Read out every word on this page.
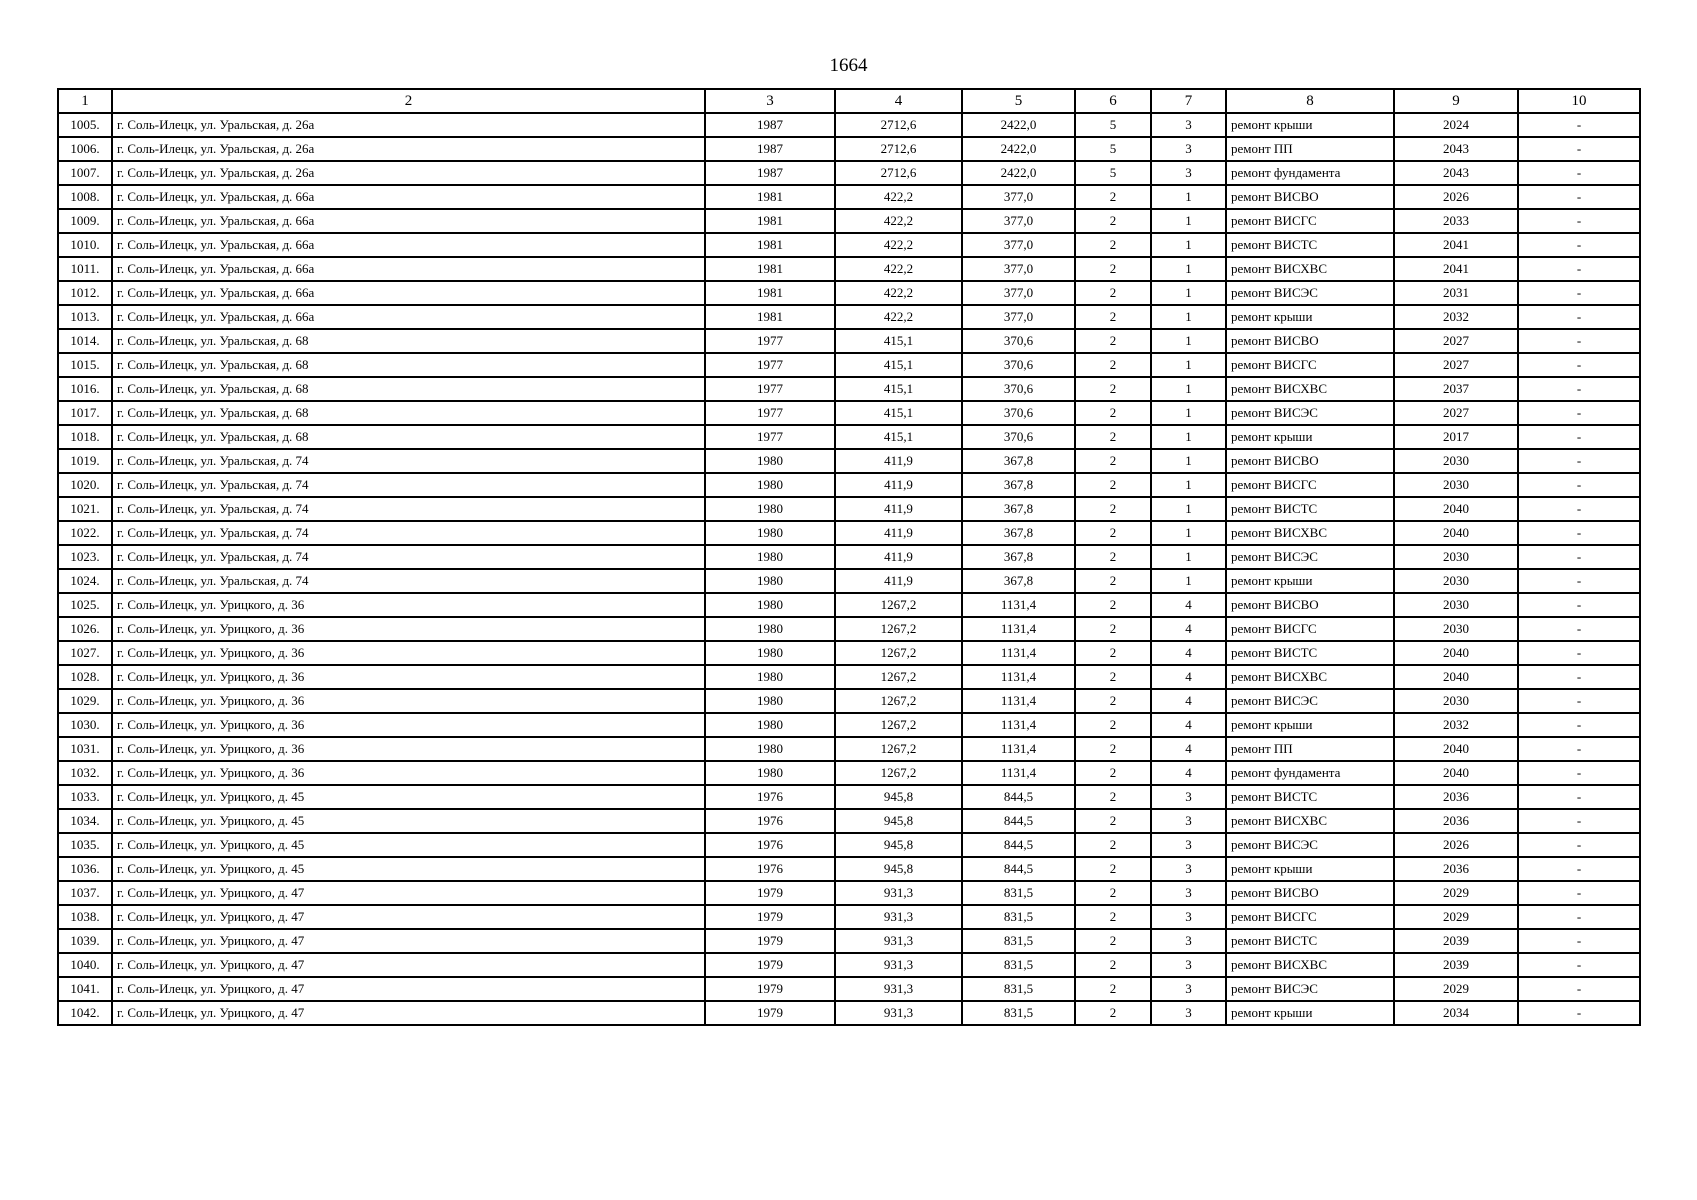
1664
1	2	3	4	5	6	7	8	9	10
1005.	г. Соль-Илецк, ул. Уральская, д. 26а	1987	2712,6	2422,0	5	3	ремонт крыши	2024	-
1006.	г. Соль-Илецк, ул. Уральская, д. 26а	1987	2712,6	2422,0	5	3	ремонт ПП	2043	-
1007.	г. Соль-Илецк, ул. Уральская, д. 26а	1987	2712,6	2422,0	5	3	ремонт фундамента	2043	-
1008.	г. Соль-Илецк, ул. Уральская, д. 66а	1981	422,2	377,0	2	1	ремонт ВИСВО	2026	-
1009.	г. Соль-Илецк, ул. Уральская, д. 66а	1981	422,2	377,0	2	1	ремонт ВИСГС	2033	-
1010.	г. Соль-Илецк, ул. Уральская, д. 66а	1981	422,2	377,0	2	1	ремонт ВИСТС	2041	-
1011.	г. Соль-Илецк, ул. Уральская, д. 66а	1981	422,2	377,0	2	1	ремонт ВИСХВС	2041	-
1012.	г. Соль-Илецк, ул. Уральская, д. 66а	1981	422,2	377,0	2	1	ремонт ВИСЭС	2031	-
1013.	г. Соль-Илецк, ул. Уральская, д. 66а	1981	422,2	377,0	2	1	ремонт крыши	2032	-
1014.	г. Соль-Илецк, ул. Уральская, д. 68	1977	415,1	370,6	2	1	ремонт ВИСВО	2027	-
1015.	г. Соль-Илецк, ул. Уральская, д. 68	1977	415,1	370,6	2	1	ремонт ВИСГС	2027	-
1016.	г. Соль-Илецк, ул. Уральская, д. 68	1977	415,1	370,6	2	1	ремонт ВИСХВС	2037	-
1017.	г. Соль-Илецк, ул. Уральская, д. 68	1977	415,1	370,6	2	1	ремонт ВИСЭС	2027	-
1018.	г. Соль-Илецк, ул. Уральская, д. 68	1977	415,1	370,6	2	1	ремонт крыши	2017	-
1019.	г. Соль-Илецк, ул. Уральская, д. 74	1980	411,9	367,8	2	1	ремонт ВИСВО	2030	-
1020.	г. Соль-Илецк, ул. Уральская, д. 74	1980	411,9	367,8	2	1	ремонт ВИСГС	2030	-
1021.	г. Соль-Илецк, ул. Уральская, д. 74	1980	411,9	367,8	2	1	ремонт ВИСТС	2040	-
1022.	г. Соль-Илецк, ул. Уральская, д. 74	1980	411,9	367,8	2	1	ремонт ВИСХВС	2040	-
1023.	г. Соль-Илецк, ул. Уральская, д. 74	1980	411,9	367,8	2	1	ремонт ВИСЭС	2030	-
1024.	г. Соль-Илецк, ул. Уральская, д. 74	1980	411,9	367,8	2	1	ремонт крыши	2030	-
1025.	г. Соль-Илецк, ул. Урицкого, д. 36	1980	1267,2	1131,4	2	4	ремонт ВИСВО	2030	-
1026.	г. Соль-Илецк, ул. Урицкого, д. 36	1980	1267,2	1131,4	2	4	ремонт ВИСГС	2030	-
1027.	г. Соль-Илецк, ул. Урицкого, д. 36	1980	1267,2	1131,4	2	4	ремонт ВИСТС	2040	-
1028.	г. Соль-Илецк, ул. Урицкого, д. 36	1980	1267,2	1131,4	2	4	ремонт ВИСХВС	2040	-
1029.	г. Соль-Илецк, ул. Урицкого, д. 36	1980	1267,2	1131,4	2	4	ремонт ВИСЭС	2030	-
1030.	г. Соль-Илецк, ул. Урицкого, д. 36	1980	1267,2	1131,4	2	4	ремонт крыши	2032	-
1031.	г. Соль-Илецк, ул. Урицкого, д. 36	1980	1267,2	1131,4	2	4	ремонт ПП	2040	-
1032.	г. Соль-Илецк, ул. Урицкого, д. 36	1980	1267,2	1131,4	2	4	ремонт фундамента	2040	-
1033.	г. Соль-Илецк, ул. Урицкого, д. 45	1976	945,8	844,5	2	3	ремонт ВИСТС	2036	-
1034.	г. Соль-Илецк, ул. Урицкого, д. 45	1976	945,8	844,5	2	3	ремонт ВИСХВС	2036	-
1035.	г. Соль-Илецк, ул. Урицкого, д. 45	1976	945,8	844,5	2	3	ремонт ВИСЭС	2026	-
1036.	г. Соль-Илецк, ул. Урицкого, д. 45	1976	945,8	844,5	2	3	ремонт крыши	2036	-
1037.	г. Соль-Илецк, ул. Урицкого, д. 47	1979	931,3	831,5	2	3	ремонт ВИСВО	2029	-
1038.	г. Соль-Илецк, ул. Урицкого, д. 47	1979	931,3	831,5	2	3	ремонт ВИСГС	2029	-
1039.	г. Соль-Илецк, ул. Урицкого, д. 47	1979	931,3	831,5	2	3	ремонт ВИСТС	2039	-
1040.	г. Соль-Илецк, ул. Урицкого, д. 47	1979	931,3	831,5	2	3	ремонт ВИСХВС	2039	-
1041.	г. Соль-Илецк, ул. Урицкого, д. 47	1979	931,3	831,5	2	3	ремонт ВИСЭС	2029	-
1042.	г. Соль-Илецк, ул. Урицкого, д. 47	1979	931,3	831,5	2	3	ремонт крыши	2034	-
